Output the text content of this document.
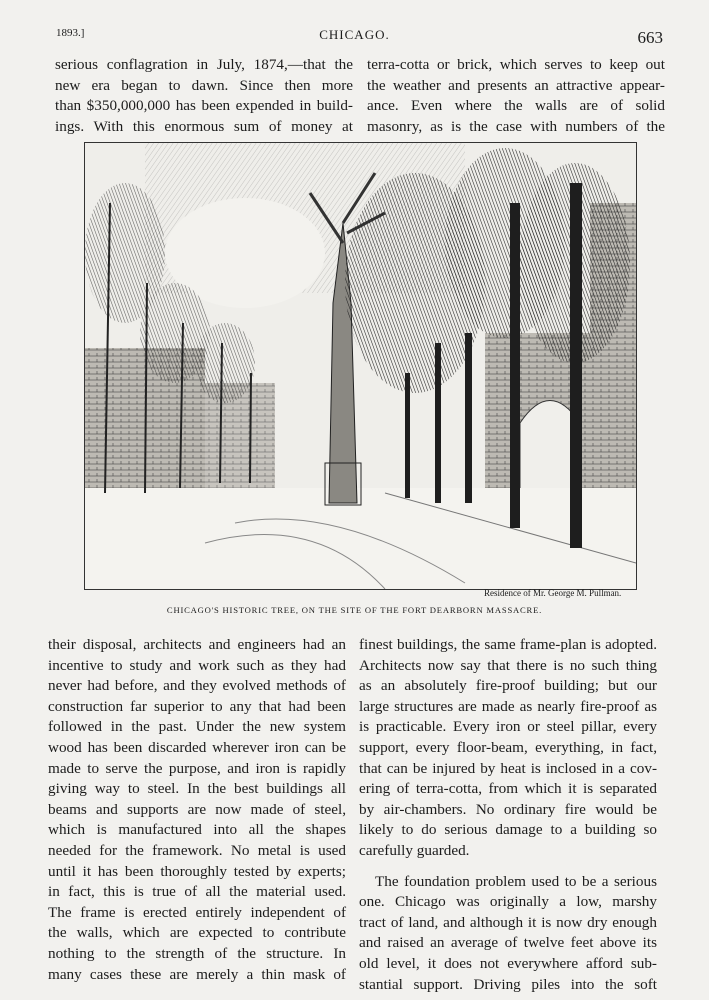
1893.]	CHICAGO.	663
serious conflagration in July, 1874,—that the
new era began to dawn. Since then more
than $350,000,000 has been expended in build-
ings. With this enormous sum of money at
terra-cotta or brick, which serves to keep out
the weather and presents an attractive appear-
ance. Even where the walls are of solid
masonry, as is the case with numbers of the
Residence of Mr. George M. Pullman.
CHICAGO'S HISTORIC TREE, ON THE SITE OF THE FORT DEARBORN MASSACRE.
their disposal, architects and engineers had an
incentive to study and work such as they had
never had before, and they evolved methods of
construction far superior to any that had been
followed in the past. Under the new system
wood has been discarded wherever iron can be
made to serve the purpose, and iron is rapidly
giving way to steel. In the best buildings all
beams and supports are now made of steel,
which is manufactured into all the shapes
needed for the framework. No metal is used
until it has been thoroughly tested by experts;
in fact, this is true of all the material used.
The frame is erected entirely independent of
the walls, which are expected to contribute
nothing to the strength of the structure. In
many cases these are merely a thin mask of
finest buildings, the same frame-plan is adopted.
Architects now say that there is no such thing
as an absolutely fire-proof building; but our
large structures are made as nearly fire-proof as
is practicable. Every iron or steel pillar, every
support, every floor-beam, everything, in fact,
that can be injured by heat is inclosed in a cov-
ering of terra-cotta, from which it is separated
by air-chambers. No ordinary fire would be
likely to do serious damage to a building so
carefully guarded.
The foundation problem used to be a serious
one. Chicago was originally a low, marshy
tract of land, and although it is now dry enough
and raised an average of twelve feet above its
old level, it does not everywhere afford sub-
stantial support. Driving piles into the soft
